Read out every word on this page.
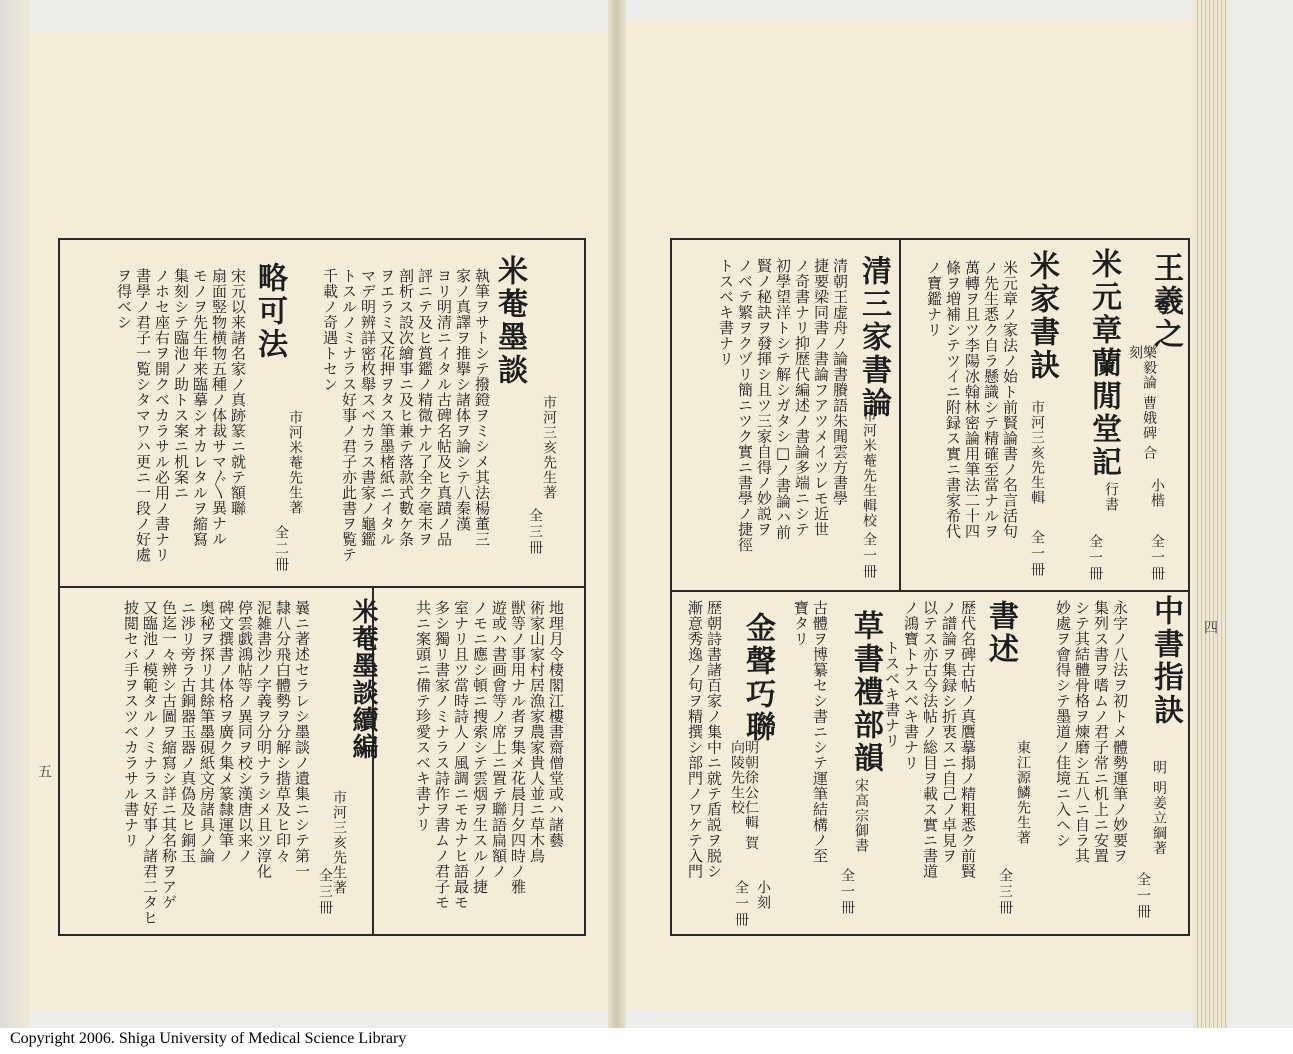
五
市河三亥先生著
全三冊
米菴墨談
執筆ヲサトシテ撥鐙ヲミシメ其法楊董三
家ノ真譯ヲ推擧シ諸体ヲ論シテ八秦漢
ヨリ明清ニイタル古碑名帖及ヒ真蹟ノ品
評ニテ及ヒ賞鑑ノ精微ナル了全ク毫末ヲ
剖析ス設次繪事ニ及ヒ兼テ落款式數ケ条
ヲエラミ又花押ヲタス筆墨楮紙ニイタル
マデ明辨詳密枚舉スベカラス書家ノ龜鑑
トスルノミナラス好事ノ君子亦此書ヲ覧テ
千載ノ奇遇トセン
市河米菴先生著
全二冊
略可法
宋元以来諸名家ノ真跡篆ニ就テ額聯
扇面竪物横物五種ノ体裁サマ〴〵異ナル
モノヲ先生年来臨摹シオカレタルヲ縮寫
集刻シテ臨池ノ助トス案ニ机案ニ
ノホセ座右ヲ開クベカラサル必用ノ書ナリ
書學ノ君子一覧シタマワハ更ニ一段ノ好處
ヲ得ベシ
地理月令棲閣江樓書齋僧堂或ハ諸藝
術家山家村居漁家農家貴人並ニ草木鳥
獣等ノ事用ナル者ヲ集メ花晨月夕四時ノ雅
遊或ハ書画會等ノ席上ニ置テ聯語扁額ノ
ノモニ應シ頓ニ搜索シテ雲烟ヲ生スルノ捷
室ナリ且ツ當時詩人ノ風調ニモカナヒ語最モ
多シ獨リ書家ノミナラス詩作ヲ書ムノ君子モ
共ニ案頭ニ備テ珍愛スベキ書ナリ
米菴墨談續編
市河三亥先生著
全三冊
曩ニ著述セラレシ墨談ノ遺集ニシテ第一
隸八分飛白體勢ヲ分解シ揩草及ヒ印々
泥雑書沙ノ字義ヲ分明ナラシメ且ツ淳化
停雲戯鴻帖等ノ異同ヲ校シ漢唐以来ノ
碑文撰書ノ体格ヲ廣ク集メ篆隸運筆ノ
奥秘ヲ探リ其餘筆墨硯紙文房諸具ノ論
ニ渉リ旁ラ古銅器玉器ノ真偽及ヒ銅玉
色迄一々辨シ古圖ヲ縮寫シ詳ニ其名称ヲアゲ
又臨池ノ模範タルノミナラス好事ノ諸君二タヒ
披閲セバ手ヲスツベカラサル書ナリ	四
王羲之
樂毅論 曹娥碑 合刻
小楷
全一冊
米元章蘭閒堂記
行書
全一冊
米家書訣
市河三亥先生輯
全一冊
米元章ノ家法ノ始ト前賢論書ノ名言活句
ノ先生悉ク自ラ懸識シテ精確至當ナルヲ
萬轉ヲ且ツ李陽冰翰林密論用筆法二十四
條ヲ増補シテツイニ附録ス實ニ書家希代
ノ寶鑑ナリ
清三家書論
市河米菴先生輯校
全一冊
清朝王虚舟ノ論書賸語朱聞雲方書學
捷要梁同書ノ書論フアツメイツレモ近世
ノ奇書ナリ抑歴代編述ノ書論多端ニシテ
初學望洋トシテ解シガタシ□ノ書論ハ前
賢ノ秘訣ヲ發揮シ且ツ三家自得ノ妙説ヲ
ノベテ繁ヲクヅリ簡ニツク實ニ書學ノ捷徑
トスベキ書ナリ
中書指訣
明 明姜立綱著
全一冊
永字ノ八法ヲ初トメ體勢運筆ノ妙要ヲ
集列ス書ヲ嗜ムノ君子常ニ机上ニ安置
シテ其結體骨格ヲ煉磨シ五八ニ自ラ其
妙處ヲ會得シテ墨道ノ佳境ニ入ヘシ
書述
東江源鱗先生著
全三冊
歴代名碑古帖ノ真贋摹搨ノ精粗悉ク前賢
ノ譜論ヲ集録シ折衷スニ自己ノ卓見ヲ
以テス亦古今法帖ノ総目ヲ載ス實ニ書道
ノ鴻寶トナスベキ書ナリ
トスベキ書ナリ
草書禮部韻
宋高宗御書
全一冊
古體ヲ博纂セシ書ニシテ運筆結構ノ至
寶タリ
金聲巧聯
明朝徐公仁輯 賀向陵先生校
小刻
全一冊
歴朝詩書諸百家ノ集中ニ就テ盾説ヲ脱シ
漸意秀逸ノ句ヲ精撰シ部門ノワケテ入門
Copyright 2006. Shiga University of Medical Science Library
